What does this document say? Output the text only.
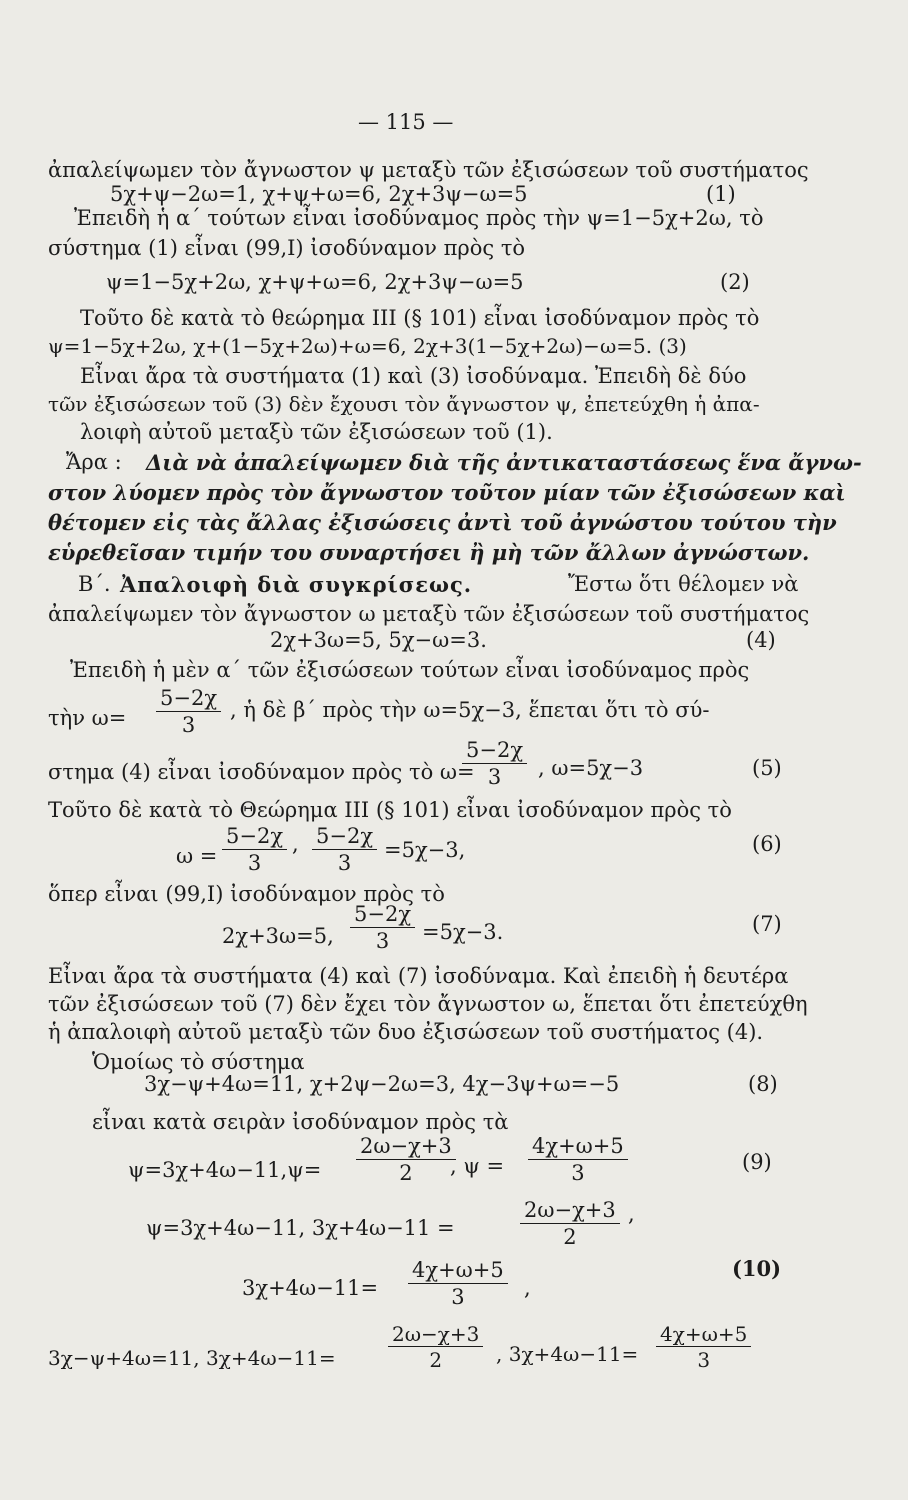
— 115 —
ἀπαλείψωμεν τὸν ἄγνωστον ψ μεταξὺ τῶν ἐξισώσεων τοῦ συστήματος
5χ+ψ−2ω=1, χ+ψ+ω=6, 2χ+3ψ−ω=5	(1)
Ἐπειδὴ ἡ α΄ τούτων εἶναι ἰσοδύναμος πρὸς τὴν ψ=1−5χ+2ω, τὸ
σύστημα (1) εἶναι (99,I) ἰσοδύναμον πρὸς τὸ
ψ=1−5χ+2ω, χ+ψ+ω=6, 2χ+3ψ−ω=5	(2)
Τοῦτο δὲ κατὰ τὸ θεώρημα III (§ 101) εἶναι ἰσοδύναμον πρὸς τὸ
ψ=1−5χ+2ω, χ+(1−5χ+2ω)+ω=6, 2χ+3(1−5χ+2ω)−ω=5. (3)
Εἶναι ἄρα τὰ συστήματα (1) καὶ (3) ἰσοδύναμα. Ἐπειδὴ δὲ δύο
τῶν ἐξισώσεων τοῦ (3) δὲν ἔχουσι τὸν ἄγνωστον ψ, ἐπετεύχθη ἡ ἀπα-
λοιφὴ αὐτοῦ μεταξὺ τῶν ἐξισώσεων τοῦ (1).
Ἄρα : Διὰ νὰ ἀπαλείψωμεν διὰ τῆς ἀντικαταστάσεως ἕνα ἄγνω-
στον λύομεν πρὸς τὸν ἄγνωστον τοῦτον μίαν τῶν ἐξισώσεων καὶ
θέτομεν εἰς τὰς ἄλλας ἐξισώσεις ἀντὶ τοῦ ἀγνώστου τούτου τὴν
εὑρεθεῖσαν τιμήν του συναρτήσει ἢ μὴ τῶν ἄλλων ἀγνώστων.
Β΄. Ἀπαλοιφὴ διὰ συγκρίσεως.	Ἔστω ὅτι θέλομεν νὰ
ἀπαλείψωμεν τὸν ἄγνωστον ω μεταξὺ τῶν ἐξισώσεων τοῦ συστήματος
2χ+3ω=5, 5χ−ω=3.	(4)
Ἐπειδὴ ἡ μὲν α΄ τῶν ἐξισώσεων τούτων εἶναι ἰσοδύναμος πρὸς
τὴν $\omega= \frac{5-2\chi}{3}$ , ἡ δὲ β΄ πρὸς τὴν ω=5χ−3, ἕπεται ὅτι τὸ σύ-
στημα (4) εἶναι ἰσοδύναμον πρὸς τὸ ω=
$\frac{5-2\chi}{3}$ , ω=5χ−3	(5)
Τοῦτο δὲ κατὰ τὸ Θεώρημα III (§ 101) εἶναι ἰσοδύναμον πρὸς τὸ
$\omega = \frac{5-2\chi}{3}$ , $\frac{5-2\chi}{3} =5\chi-3$,	(6)
ὅπερ εἶναι (99,I) ἰσοδύναμον πρὸς τὸ
2χ+3ω=5, $\frac{5-2\chi}{3} =5\chi-3$.	(7)
Εἶναι ἄρα τὰ συστήματα (4) καὶ (7) ἰσοδύναμα. Καὶ ἐπειδὴ ἡ δευτέρα
τῶν ἐξισώσεων τοῦ (7) δὲν ἔχει τὸν ἄγνωστον ω, ἕπεται ὅτι ἐπετεύχθη
ἡ ἀπαλοιφὴ αὐτοῦ μεταξὺ τῶν δυο ἐξισώσεων τοῦ συστήματος (4).
Ὁμοίως τὸ σύστημα
3χ−ψ+4ω=11, χ+2ψ−2ω=3, 4χ−3ψ+ω=−5	(8)
εἶναι κατὰ σειρὰν ἰσοδύναμον πρὸς τὰ
$\psi=3\chi+4\omega-11,\psi= \frac{2\omega-\chi+3}{2}$
, $\psi = \frac{4\chi+\omega+5}{3}$	(9)
ψ=3χ+4ω−11, 3χ+4ω−11 =	$\frac{2\omega-\chi+3}{2}$ ,
$3\chi+4\omega-11= \frac{4\chi+\omega+5}{3}$ ,
(10)
3χ−ψ+4ω=11, 3χ+4ω−11=	$\frac{2\omega-\chi+3}{2}$ , $3\chi+4\omega-11= \frac{4\chi+\omega+5}{3}$
